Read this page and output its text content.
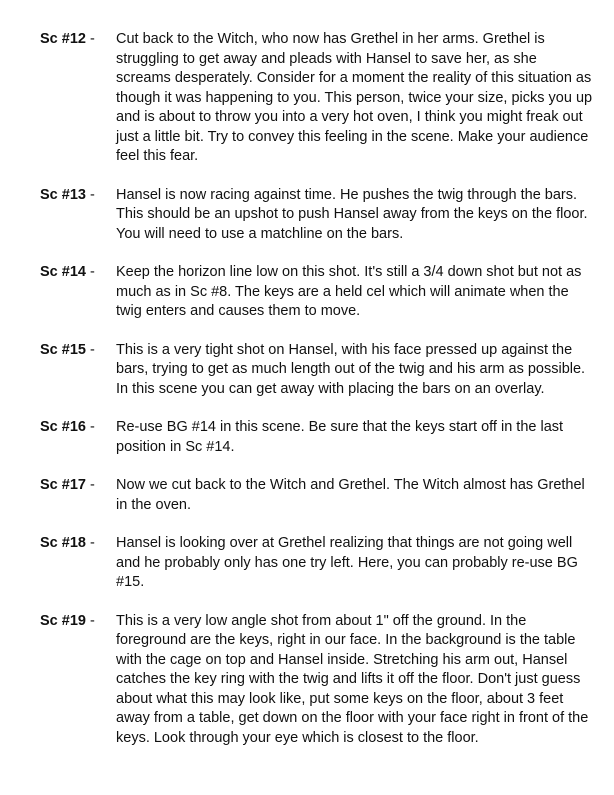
Sc #12 -	Cut back to the Witch, who now has Grethel in her arms. Grethel is struggling to get away and pleads with Hansel to save her, as she screams desperately. Consider for a moment the reality of this situation as though it was happening to you. This person, twice your size, picks you up and is about to throw you into a very hot oven, I think you might freak out just a little bit. Try to convey this feeling in the scene. Make your audience feel this fear.
Sc #13 -	Hansel is now racing against time. He pushes the twig through the bars. This should be an upshot to push Hansel away from the keys on the floor. You will need to use a matchline on the bars.
Sc #14 -	Keep the horizon line low on this shot. It's still a 3/4 down shot but not as much as in Sc #8. The keys are a held cel which will animate when the twig enters and causes them to move.
Sc #15 -	This is a very tight shot on Hansel, with his face pressed up against the bars, trying to get as much length out of the twig and his arm as possible. In this scene you can get away with placing the bars on an overlay.
Sc #16 -	Re-use BG #14 in this scene. Be sure that the keys start off in the last position in Sc #14.
Sc #17 -	Now we cut back to the Witch and Grethel. The Witch almost has Grethel in the oven.
Sc #18 -	Hansel is looking over at Grethel realizing that things are not going well and he probably only has one try left. Here, you can probably re-use BG #15.
Sc #19 -	This is a very low angle shot from about 1" off the ground. In the foreground are the keys, right in our face. In the background is the table with the cage on top and Hansel inside. Stretching his arm out, Hansel catches the key ring with the twig and lifts it off the floor. Don't just guess about what this may look like, put some keys on the floor, about 3 feet away from a table, get down on the floor with your face right in front of the keys. Look through your eye which is closest to the floor.
